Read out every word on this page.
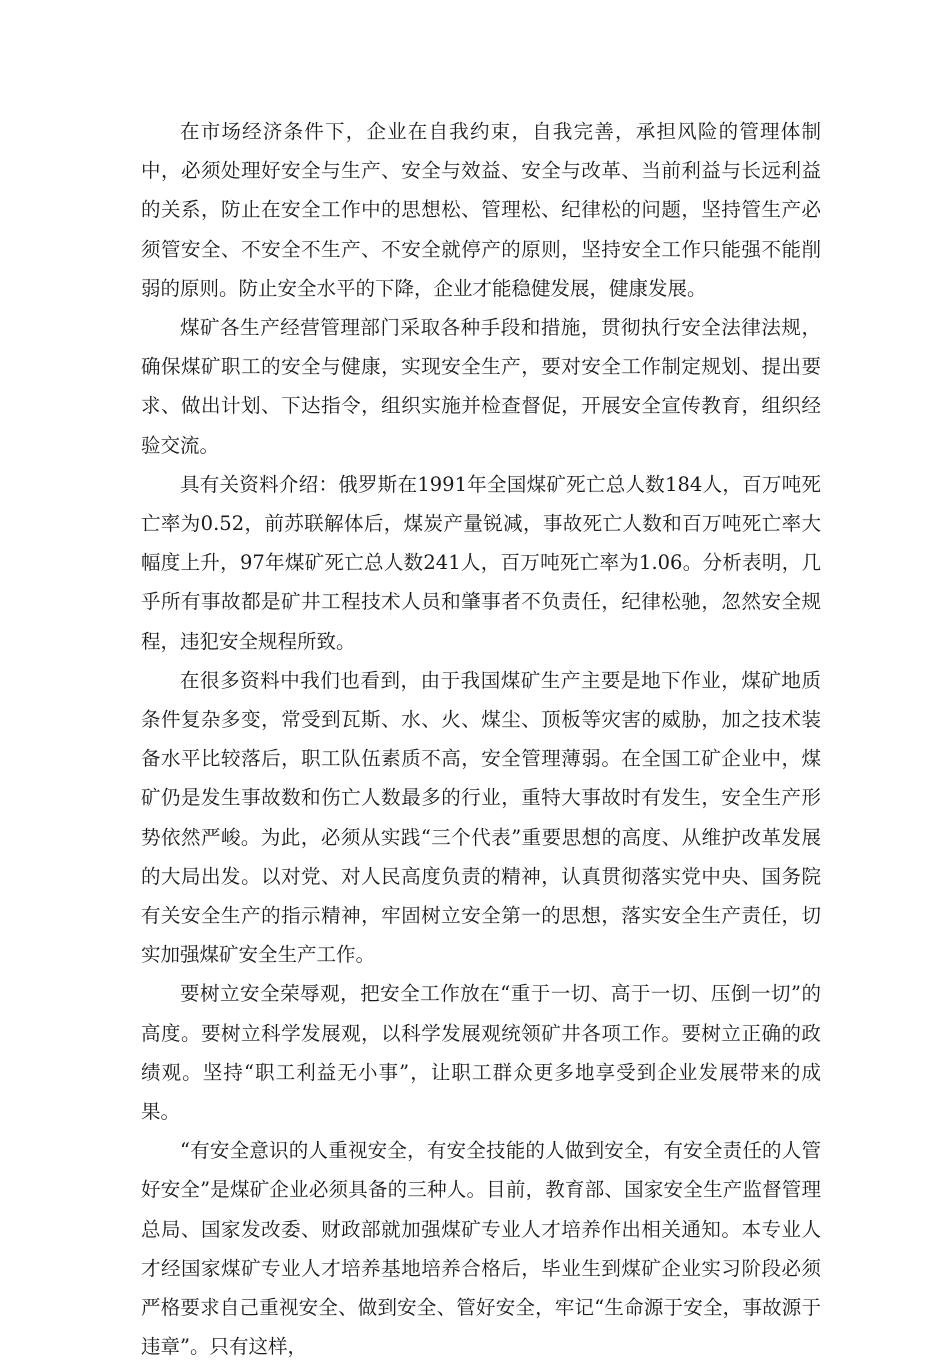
在市场经济条件下，企业在自我约束，自我完善，承担风险的管理体制中，必须处理好安全与生产、安全与效益、安全与改革、当前利益与长远利益的关系，防止在安全工作中的思想松、管理松、纪律松的问题，坚持管生产必须管安全、不安全不生产、不安全就停产的原则，坚持安全工作只能强不能削弱的原则。防止安全水平的下降，企业才能稳健发展，健康发展。

煤矿各生产经营管理部门采取各种手段和措施，贯彻执行安全法律法规，确保煤矿职工的安全与健康，实现安全生产，要对安全工作制定规划、提出要求、做出计划、下达指令，组织实施并检查督促，开展安全宣传教育，组织经验交流。

具有关资料介绍：俄罗斯在1991年全国煤矿死亡总人数184人，百万吨死亡率为0.52，前苏联解体后，煤炭产量锐减，事故死亡人数和百万吨死亡率大幅度上升，97年煤矿死亡总人数241人，百万吨死亡率为1.06。分析表明，几乎所有事故都是矿井工程技术人员和肇事者不负责任，纪律松驰，忽然安全规程，违犯安全规程所致。

在很多资料中我们也看到，由于我国煤矿生产主要是地下作业，煤矿地质条件复杂多变，常受到瓦斯、水、火、煤尘、顶板等灾害的威胁，加之技术装备水平比较落后，职工队伍素质不高，安全管理薄弱。在全国工矿企业中，煤矿仍是发生事故数和伤亡人数最多的行业，重特大事故时有发生，安全生产形势依然严峻。为此，必须从实践“三个代表”重要思想的高度、从维护改革发展的大局出发。以对党、对人民高度负责的精神，认真贯彻落实党中央、国务院有关安全生产的指示精神，牢固树立安全第一的思想，落实安全生产责任，切实加强煤矿安全生产工作。

要树立安全荣辱观，把安全工作放在“重于一切、高于一切、压倒一切”的高度。要树立科学发展观，以科学发展观统领矿井各项工作。要树立正确的政绩观。坚持“职工利益无小事”，让职工群众更多地享受到企业发展带来的成果。

“有安全意识的人重视安全，有安全技能的人做到安全，有安全责任的人管好安全”是煤矿企业必须具备的三种人。目前，教育部、国家安全生产监督管理总局、国家发改委、财政部就加强煤矿专业人才培养作出相关通知。本专业人才经国家煤矿专业人才培养基地培养合格后，毕业生到煤矿企业实习阶段必须严格要求自己重视安全、做到安全、管好安全，牢记“生命源于安全，事故源于违章”。只有这样，
